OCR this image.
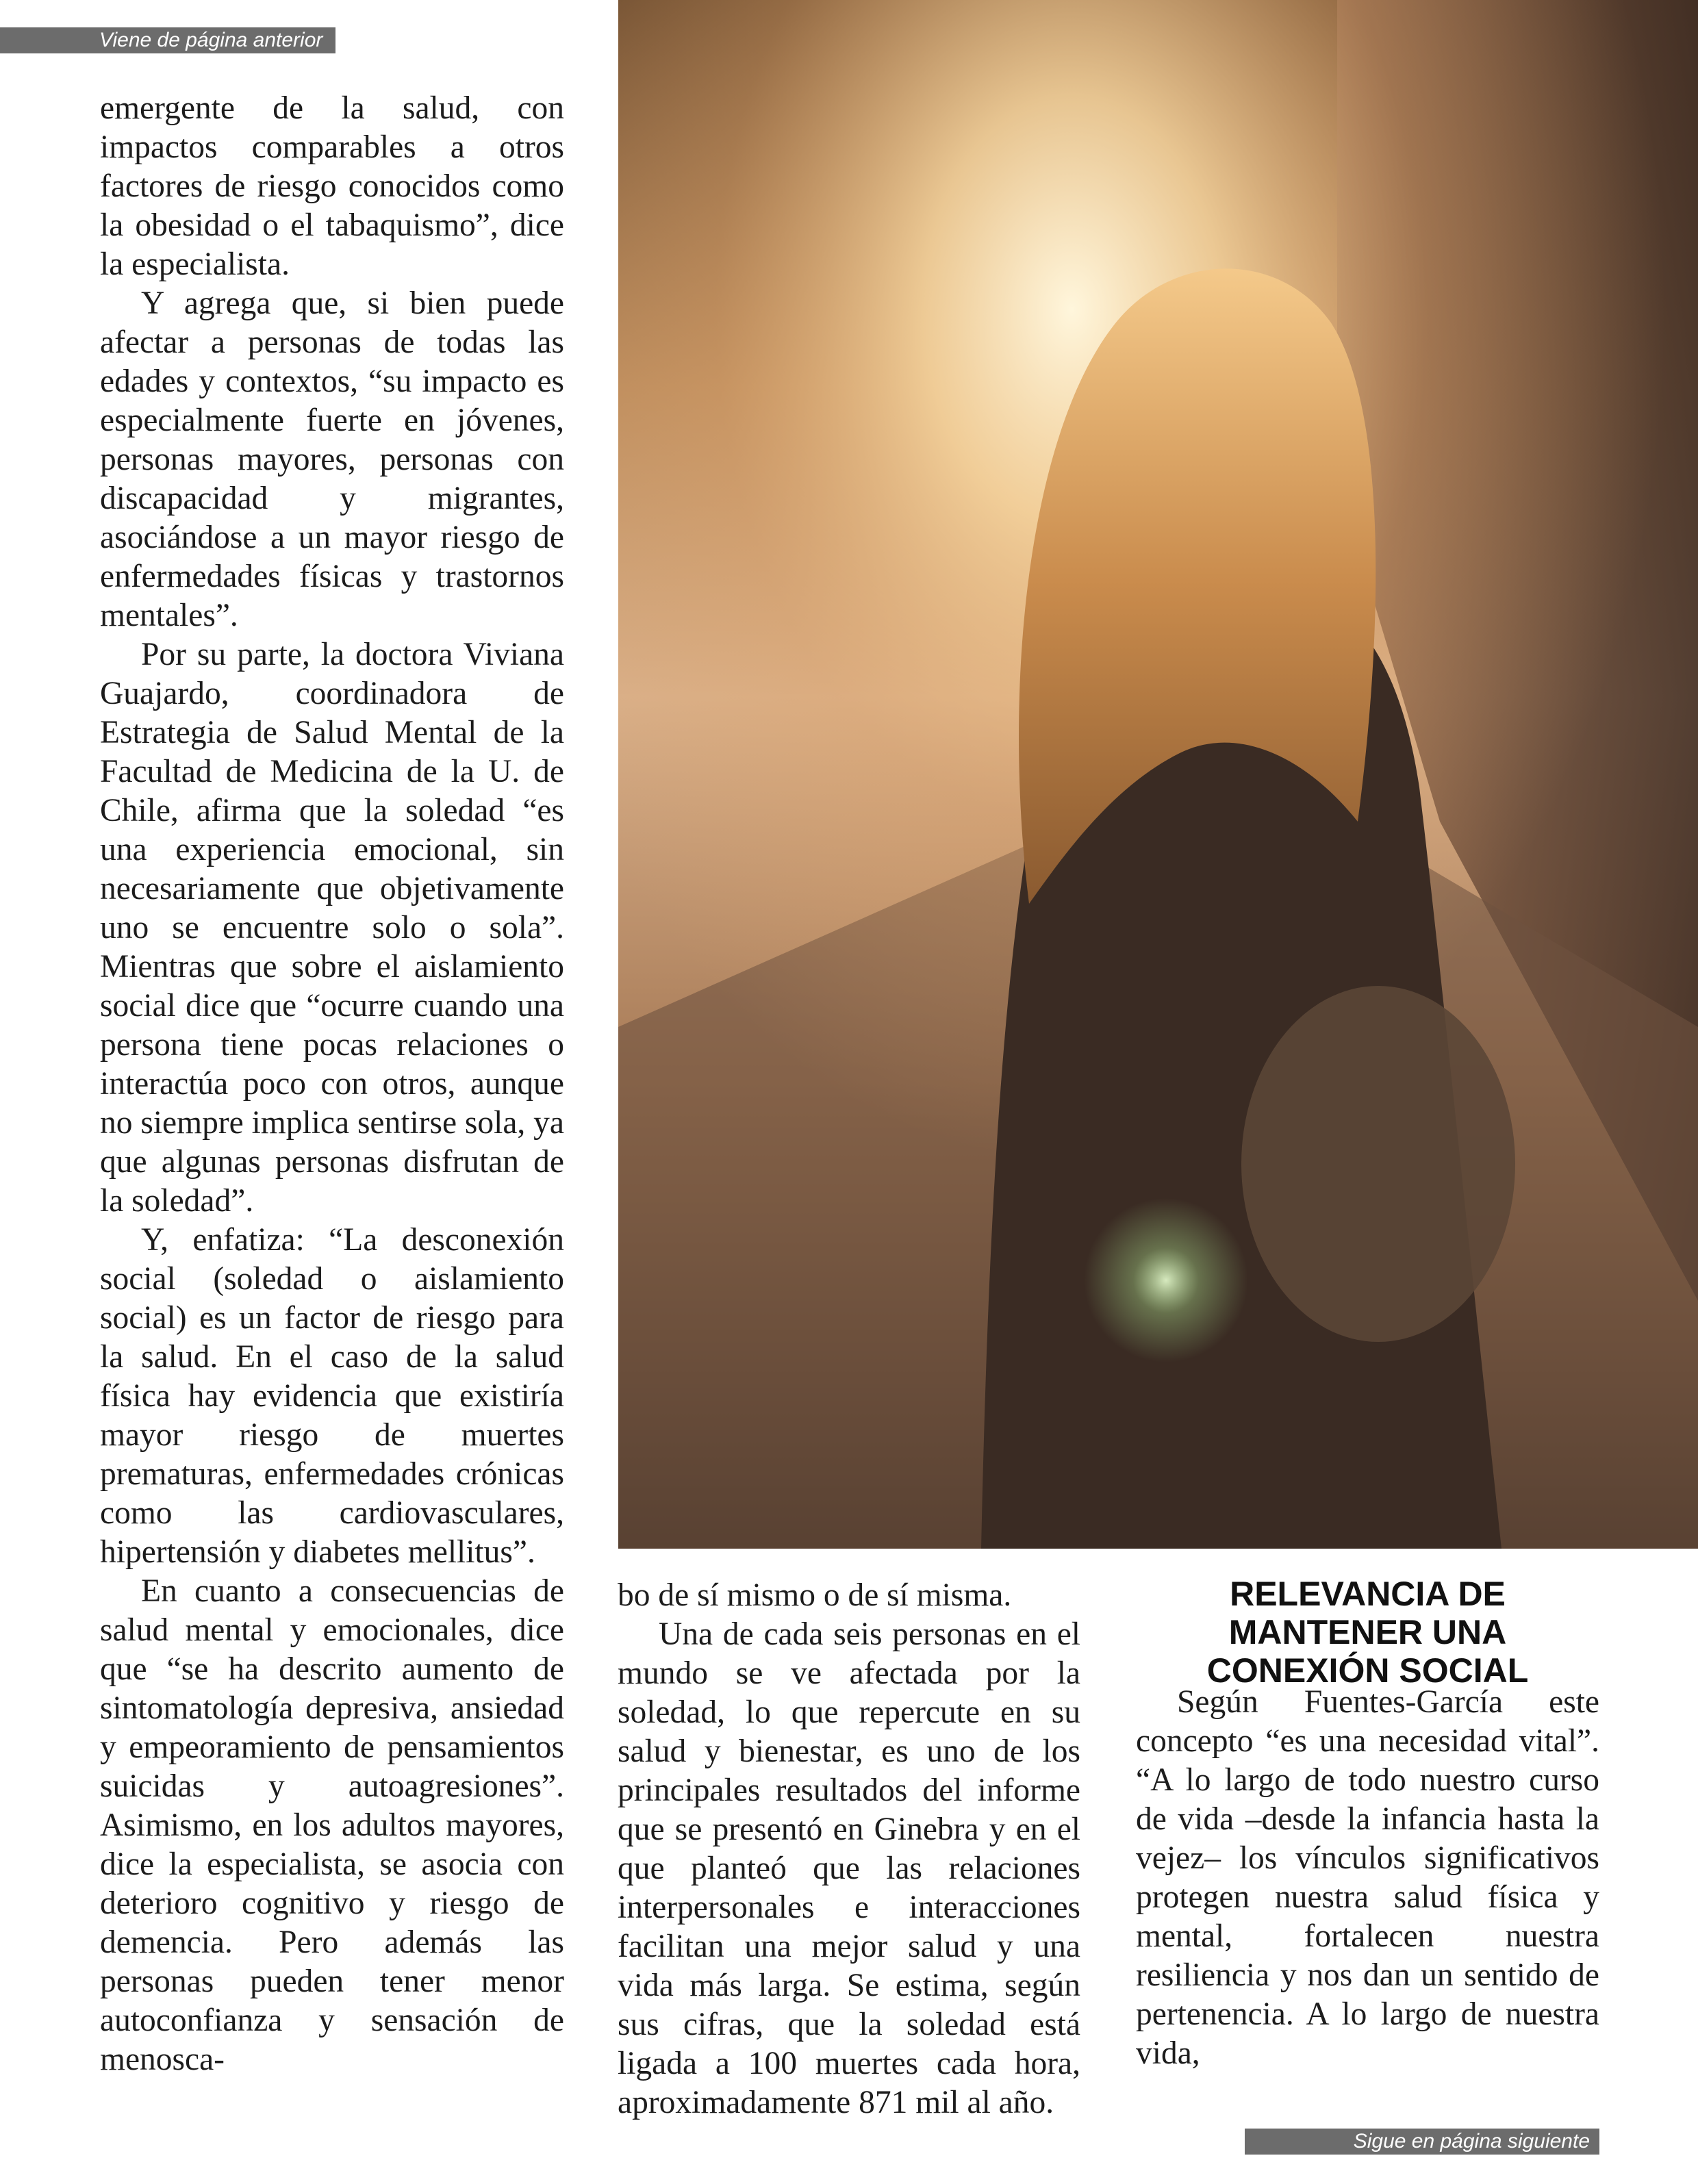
Viene de página anterior

emergente de la salud, con impactos comparables a otros factores de riesgo conocidos como la obesidad o el tabaquismo”, dice la especialista.

Y agrega que, si bien puede afectar a personas de todas las edades y contextos, “su impacto es especialmente fuerte en jóvenes, personas mayores, personas con discapacidad y migrantes, asociándose a un mayor riesgo de enfermedades físicas y trastornos mentales”.

Por su parte, la doctora Viviana Guajardo, coordinadora de Estrategia de Salud Mental de la Facultad de Medicina de la U. de Chile, afirma que la soledad “es una experiencia emocional, sin necesariamente que objetivamente uno se encuentre solo o sola”. Mientras que sobre el aislamiento social dice que “ocurre cuando una persona tiene pocas relaciones o interactúa poco con otros, aunque no siempre implica sentirse sola, ya que algunas personas disfrutan de la soledad”.

Y, enfatiza: “La desconexión social (soledad o aislamiento social) es un factor de riesgo para la salud. En el caso de la salud física hay evidencia que existiría mayor riesgo de muertes prematuras, enfermedades crónicas como las cardiovasculares, hipertensión y diabetes mellitus”.

En cuanto a consecuencias de salud mental y emocionales, dice que “se ha descrito aumento de sintomatología depresiva, ansiedad y empeoramiento de pensamientos suicidas y autoagresiones”. Asimismo, en los adultos mayores, dice la especialista, se asocia con deterioro cognitivo y riesgo de demencia. Pero además las personas pueden tener menor autoconfianza y sensación de menosca-

bo de sí mismo o de sí misma.

Una de cada seis personas en el mundo se ve afectada por la soledad, lo que repercute en su salud y bienestar, es uno de los principales resultados del informe que se presentó en Ginebra y en el que planteó que las relaciones interpersonales e interacciones facilitan una mejor salud y una vida más larga. Se estima, según sus cifras, que la soledad está ligada a 100 muertes cada hora, aproximadamente 871 mil al año.

RELEVANCIA DE MANTENER UNA CONEXIÓN SOCIAL

Según Fuentes-García este concepto “es una necesidad vital”. “A lo largo de todo nuestro curso de vida –desde la infancia hasta la vejez– los vínculos significativos protegen nuestra salud física y mental, fortalecen nuestra resiliencia y nos dan un sentido de pertenencia. A lo largo de nuestra vida,

Sigue en página siguiente
